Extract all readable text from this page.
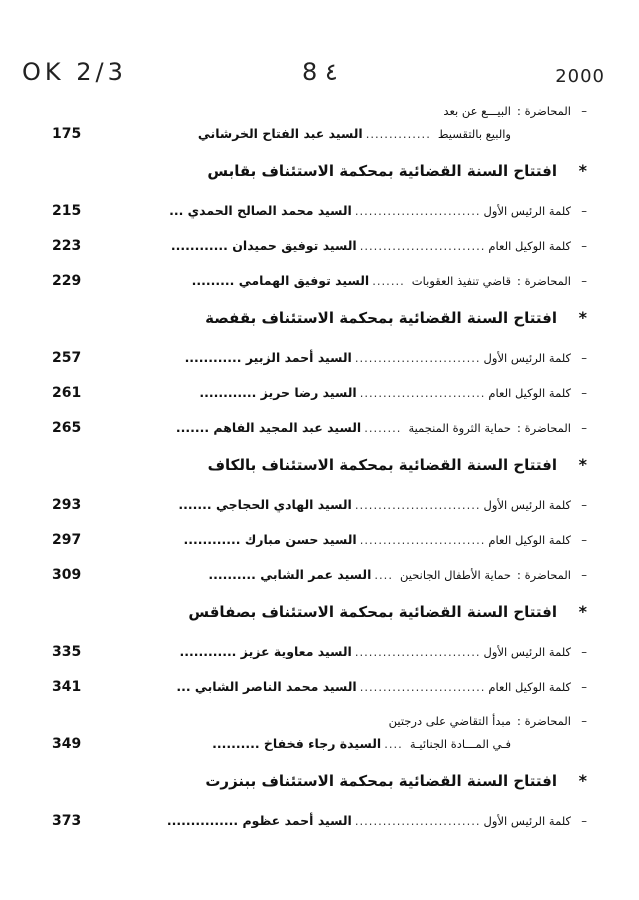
OK 2/3	8 ٤	2000
–
المحاضرة :
البيـــع عن بعد
والبيع بالتقسيط
..............
السيد عبد الفتاح الخرشاني
175
*
افتتاح السنة القضائية بمحكمة الاستئناف بقابس
–
كلمة الرئيس الأول
...........................
السيد محمد الصالح الحمدي ...
215
–
كلمة الوكيل العام
...........................
السيد توفيق حميدان ............
223
–
المحاضرة :
قاضي تنفيذ العقوبات
.......
السيد توفيق الهمامي .........
229
*
افتتاح السنة القضائية بمحكمة الاستئناف بقفصة
–
كلمة الرئيس الأول
...........................
السيد أحمد الزبير ............
257
–
كلمة الوكيل العام
...........................
السيد رضا حريز ............
261
–
المحاضرة :
حماية الثروة المنجمية
........
السيد عبد المجيد الفاهم .......
265
*
افتتاح السنة القضائية بمحكمة الاستئناف بالكاف
–
كلمة الرئيس الأول
...........................
السيد الهادي الحجاجي .......
293
–
كلمة الوكيل العام
...........................
السيد حسن مبارك ............
297
–
المحاضرة :
حماية الأطفال الجانحين
....
السيد عمر الشابي ..........
309
*
افتتاح السنة القضائية بمحكمة الاستئناف بصفاقس
–
كلمة الرئيس الأول
...........................
السيد معاوية عزيز ............
335
–
كلمة الوكيل العام
...........................
السيد محمد الناصر الشابي ...
341
–
المحاضرة :
مبدأ التقاضي على درجتين
فـي المـــادة الجنائيـة
....
السيدة رجاء فخفاخ ..........
349
*
افتتاح السنة القضائية بمحكمة الاستئناف ببنزرت
–
كلمة الرئيس الأول
...........................
السيد أحمد عظوم ...............
373
